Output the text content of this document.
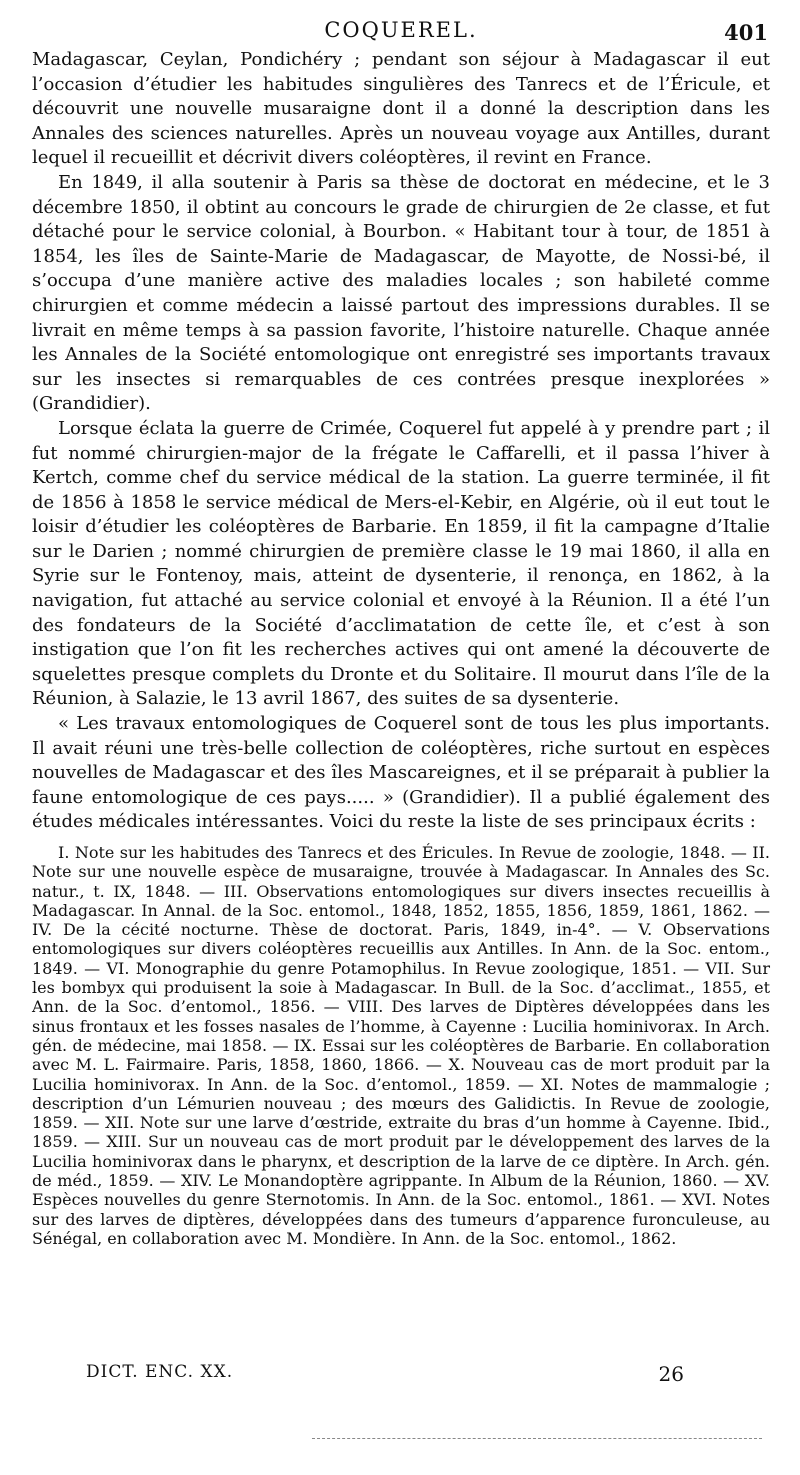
COQUEREL.	401

Madagascar, Ceylan, Pondichéry ; pendant son séjour à Madagascar il eut l’occasion d’étudier les habitudes singulières des Tanrecs et de l’Éricule, et découvrit une nouvelle musaraigne dont il a donné la description dans les Annales des sciences naturelles. Après un nouveau voyage aux Antilles, durant lequel il recueillit et décrivit divers coléoptères, il revint en France.

En 1849, il alla soutenir à Paris sa thèse de doctorat en médecine, et le 3 décembre 1850, il obtint au concours le grade de chirurgien de 2e classe, et fut détaché pour le service colonial, à Bourbon. « Habitant tour à tour, de 1851 à 1854, les îles de Sainte-Marie de Madagascar, de Mayotte, de Nossi-bé, il s’occupa d’une manière active des maladies locales ; son habileté comme chirurgien et comme médecin a laissé partout des impressions durables. Il se livrait en même temps à sa passion favorite, l’histoire naturelle. Chaque année les Annales de la Société entomologique ont enregistré ses importants travaux sur les insectes si remarquables de ces contrées presque inexplorées » (Grandidier).

Lorsque éclata la guerre de Crimée, Coquerel fut appelé à y prendre part ; il fut nommé chirurgien-major de la frégate le Caffarelli, et il passa l’hiver à Kertch, comme chef du service médical de la station. La guerre terminée, il fit de 1856 à 1858 le service médical de Mers-el-Kebir, en Algérie, où il eut tout le loisir d’étudier les coléoptères de Barbarie. En 1859, il fit la campagne d’Italie sur le Darien ; nommé chirurgien de première classe le 19 mai 1860, il alla en Syrie sur le Fontenoy, mais, atteint de dysenterie, il renonça, en 1862, à la navigation, fut attaché au service colonial et envoyé à la Réunion. Il a été l’un des fondateurs de la Société d’acclimatation de cette île, et c’est à son instigation que l’on fit les recherches actives qui ont amené la découverte de squelettes presque complets du Dronte et du Solitaire. Il mourut dans l’île de la Réunion, à Salazie, le 13 avril 1867, des suites de sa dysenterie.

« Les travaux entomologiques de Coquerel sont de tous les plus importants. Il avait réuni une très-belle collection de coléoptères, riche surtout en espèces nouvelles de Madagascar et des îles Mascareignes, et il se préparait à publier la faune entomologique de ces pays..... » (Grandidier). Il a publié également des études médicales intéressantes. Voici du reste la liste de ses principaux écrits :

I. Note sur les habitudes des Tanrecs et des Éricules. In Revue de zoologie, 1848. — II. Note sur une nouvelle espèce de musaraigne, trouvée à Madagascar. In Annales des Sc. natur., t. IX, 1848. — III. Observations entomologiques sur divers insectes recueillis à Madagascar. In Annal. de la Soc. entomol., 1848, 1852, 1855, 1856, 1859, 1861, 1862. — IV. De la cécité nocturne. Thèse de doctorat. Paris, 1849, in-4°. — V. Observations entomologiques sur divers coléoptères recueillis aux Antilles. In Ann. de la Soc. entom., 1849. — VI. Monographie du genre Potamophilus. In Revue zoologique, 1851. — VII. Sur les bombyx qui produisent la soie à Madagascar. In Bull. de la Soc. d’acclimat., 1855, et Ann. de la Soc. d’entomol., 1856. — VIII. Des larves de Diptères développées dans les sinus frontaux et les fosses nasales de l’homme, à Cayenne : Lucilia hominivorax. In Arch. gén. de médecine, mai 1858. — IX. Essai sur les coléoptères de Barbarie. En collaboration avec M. L. Fairmaire. Paris, 1858, 1860, 1866. — X. Nouveau cas de mort produit par la Lucilia hominivorax. In Ann. de la Soc. d’entomol., 1859. — XI. Notes de mammalogie ; description d’un Lémurien nouveau ; des mœurs des Galidictis. In Revue de zoologie, 1859. — XII. Note sur une larve d’œstride, extraite du bras d’un homme à Cayenne. Ibid., 1859. — XIII. Sur un nouveau cas de mort produit par le développement des larves de la Lucilia hominivorax dans le pharynx, et description de la larve de ce diptère. In Arch. gén. de méd., 1859. — XIV. Le Monandoptère agrippante. In Album de la Réunion, 1860. — XV. Espèces nouvelles du genre Sternotomis. In Ann. de la Soc. entomol., 1861. — XVI. Notes sur des larves de diptères, développées dans des tumeurs d’apparence furonculeuse, au Sénégal, en collaboration avec M. Mondière. In Ann. de la Soc. entomol., 1862.

DICT. ENC. XX.	26
